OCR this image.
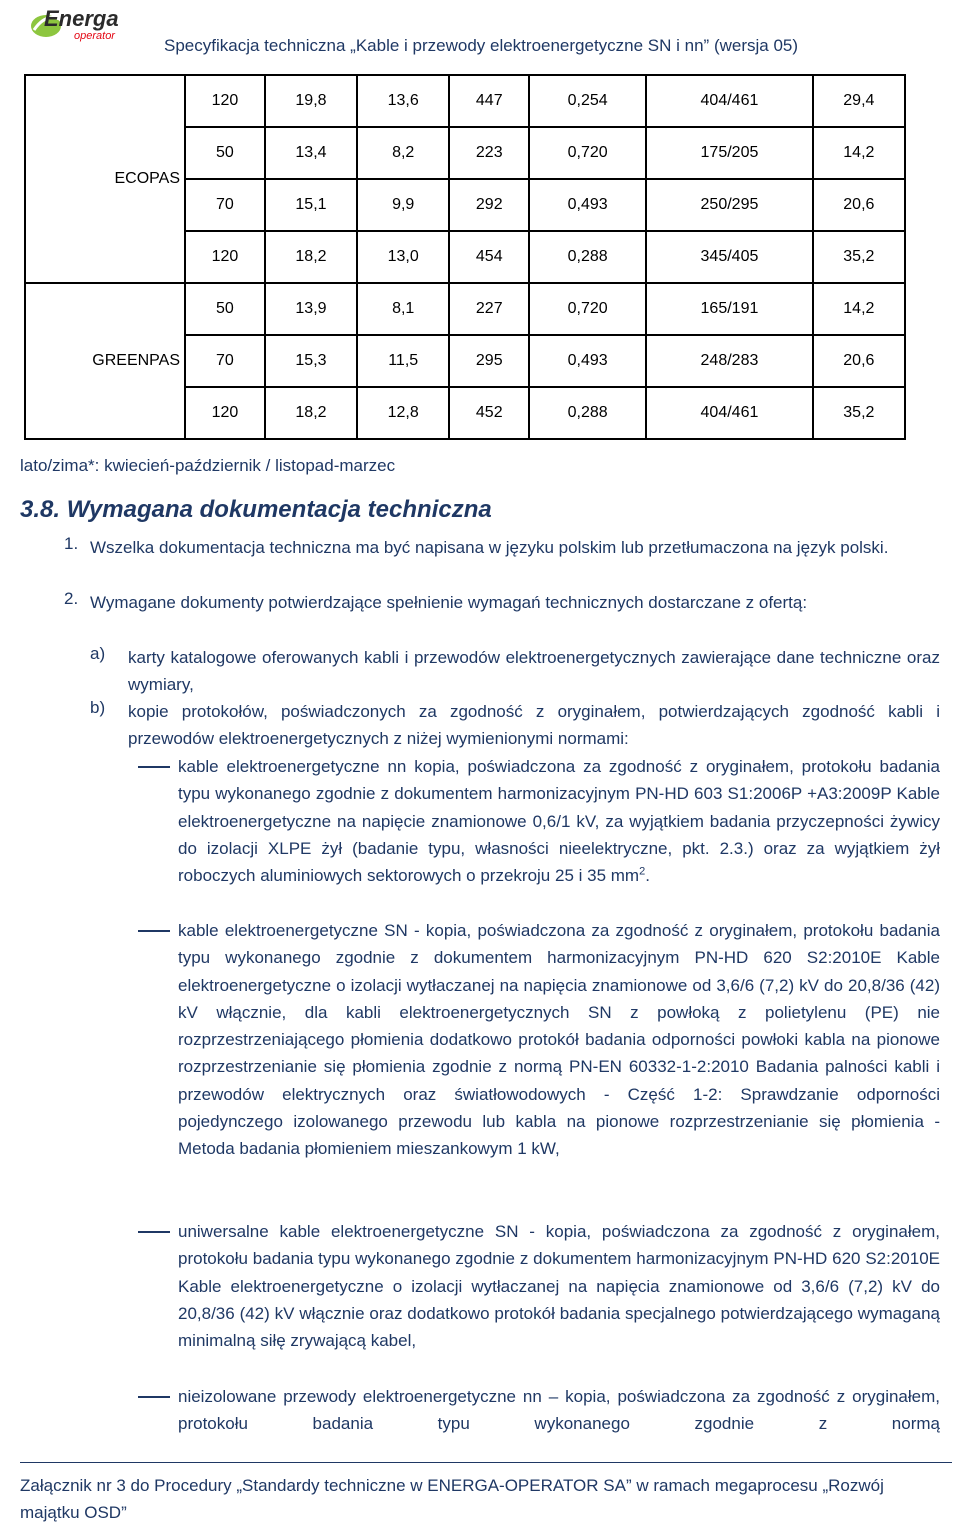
Energa
operator	Specyfikacja techniczna „Kable i przewody elektroenergetyczne SN i nn” (wersja 05)
ECOPAS	120	19,8	13,6	447	0,254	404/461	29,4
	50	13,4	8,2	223	0,720	175/205	14,2
	70	15,1	9,9	292	0,493	250/295	20,6
	120	18,2	13,0	454	0,288	345/405	35,2
GREENPAS	50	13,9	8,1	227	0,720	165/191	14,2
	70	15,3	11,5	295	0,493	248/283	20,6
	120	18,2	12,8	452	0,288	404/461	35,2
lato/zima*: kwiecień-październik / listopad-marzec
3.8. Wymagana dokumentacja techniczna
1. Wszelka dokumentacja techniczna ma być napisana w języku polskim lub przetłumaczona na język polski.
2. Wymagane dokumenty potwierdzające spełnienie wymagań technicznych dostarczane z ofertą:
a) karty katalogowe oferowanych kabli i przewodów elektroenergetycznych zawierające dane techniczne oraz wymiary,
b) kopie protokołów, poświadczonych za zgodność z oryginałem, potwierdzających zgodność kabli i przewodów elektroenergetycznych z niżej wymienionymi normami:
kable elektroenergetyczne nn kopia, poświadczona za zgodność z oryginałem, protokołu badania typu wykonanego zgodnie z dokumentem harmonizacyjnym PN-HD 603 S1:2006P +A3:2009P Kable elektroenergetyczne na napięcie znamionowe 0,6/1 kV, za wyjątkiem badania przyczepności żywicy do izolacji XLPE żył (badanie typu, własności nieelektryczne, pkt. 2.3.) oraz za wyjątkiem żył roboczych aluminiowych sektorowych o przekroju 25 i 35 $mm^2$.
kable elektroenergetyczne SN - kopia, poświadczona za zgodność z oryginałem, protokołu badania typu wykonanego zgodnie z dokumentem harmonizacyjnym PN-HD 620 S2:2010E Kable elektroenergetyczne o izolacji wytłaczanej na napięcia znamionowe od 3,6/6 (7,2) kV do 20,8/36 (42) kV włącznie, dla kabli elektroenergetycznych SN z powłoką z polietylenu (PE) nie rozprzestrzeniającego płomienia dodatkowo protokół badania odporności powłoki kabla na pionowe rozprzestrzenianie się płomienia zgodnie z normą PN-EN 60332-1-2:2010 Badania palności kabli i przewodów elektrycznych oraz światłowodowych - Część 1-2: Sprawdzanie odporności pojedynczego izolowanego przewodu lub kabla na pionowe rozprzestrzenianie się płomienia - Metoda badania płomieniem mieszankowym 1 kW,
uniwersalne kable elektroenergetyczne SN - kopia, poświadczona za zgodność z oryginałem, protokołu badania typu wykonanego zgodnie z dokumentem harmonizacyjnym PN-HD 620 S2:2010E Kable elektroenergetyczne o izolacji wytłaczanej na napięcia znamionowe od 3,6/6 (7,2) kV do 20,8/36 (42) kV włącznie oraz dodatkowo protokół badania specjalnego potwierdzającego wymaganą minimalną siłę zrywającą kabel,
nieizolowane przewody elektroenergetyczne nn – kopia, poświadczona za zgodność z oryginałem, protokołu badania typu wykonanego zgodnie z normą
Załącznik nr 3 do Procedury „Standardy techniczne w ENERGA-OPERATOR SA” w ramach megaprocesu „Rozwój majątku OSD”
